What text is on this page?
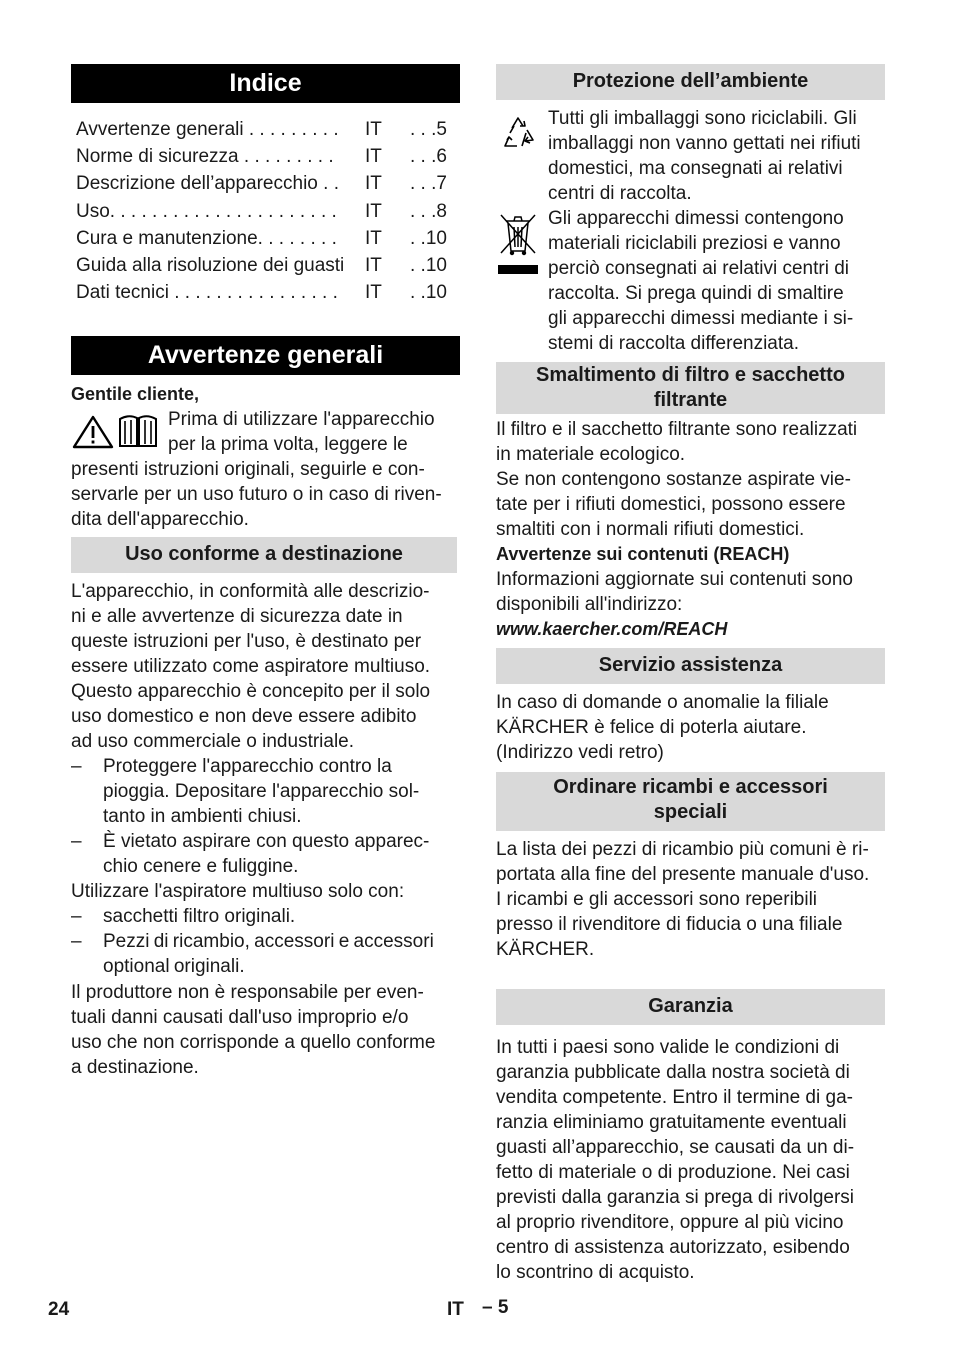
Indice
Avvertenze generali . . . . . . . . . IT . . .5
Norme di sicurezza . . . . . . . . . IT . . .6
Descrizione dell’apparecchio . . IT . . .7
Uso. . . . . . . . . . . . . . . . . . . . . . IT . . .8
Cura e manutenzione. . . . . . . . IT . .10
Guida alla risoluzione dei guasti IT . .10
Dati tecnici . . . . . . . . . . . . . . . . IT . .10
Avvertenze generali
Gentile cliente,
Prima di utilizzare l'apparecchio
per la prima volta, leggere le
presenti istruzioni originali, seguirle e con-
servarle per un uso futuro o in caso di riven-
dita dell'apparecchio.
Uso conforme a destinazione
L'apparecchio, in conformità alle descrizio-
ni e alle avvertenze di sicurezza date in
queste istruzioni per l'uso, è destinato per
essere utilizzato come aspiratore multiuso.
Questo apparecchio è concepito per il solo
uso domestico e non deve essere adibito
ad uso commerciale o industriale.
– Proteggere l'apparecchio contro la
pioggia. Depositare l'apparecchio sol-
tanto in ambienti chiusi.
– È vietato aspirare con questo apparec-
chio cenere e fuliggine.
Utilizzare l'aspiratore multiuso solo con:
– sacchetti filtro originali.
– Pezzi di ricambio, accessori e accessori
optional originali.
Il produttore non è responsabile per even-
tuali danni causati dall'uso improprio e/o
uso che non corrisponde a quello conforme
a destinazione.
Protezione dell’ambiente
Tutti gli imballaggi sono riciclabili. Gli
imballaggi non vanno gettati nei rifiuti
domestici, ma consegnati ai relativi
centri di raccolta.
Gli apparecchi dimessi contengono
materiali riciclabili preziosi e vanno
perciò consegnati ai relativi centri di
raccolta. Si prega quindi di smaltire
gli apparecchi dimessi mediante i si-
stemi di raccolta differenziata.
Smaltimento di filtro e sacchetto
filtrante
Il filtro e il sacchetto filtrante sono realizzati
in materiale ecologico.
Se non contengono sostanze aspirate vie-
tate per i rifiuti domestici, possono essere
smaltiti con i normali rifiuti domestici.
Avvertenze sui contenuti (REACH)
Informazioni aggiornate sui contenuti sono
disponibili all'indirizzo:
www.kaercher.com/REACH
Servizio assistenza
In caso di domande o anomalie la filiale
KÄRCHER è felice di poterla aiutare.
(Indirizzo vedi retro)
Ordinare ricambi e accessori
speciali
La lista dei pezzi di ricambio più comuni è ri-
portata alla fine del presente manuale d'uso.
I ricambi e gli accessori sono reperibili
presso il rivenditore di fiducia o una filiale
KÄRCHER.
Garanzia
In tutti i paesi sono valide le condizioni di
garanzia pubblicate dalla nostra società di
vendita competente. Entro il termine di ga-
ranzia eliminiamo gratuitamente eventuali
guasti all’apparecchio, se causati da un di-
fetto di materiale o di produzione. Nei casi
previsti dalla garanzia si prega di rivolgersi
al proprio rivenditore, oppure al più vicino
centro di assistenza autorizzato, esibendo
lo scontrino di acquisto.
24	IT – 5
